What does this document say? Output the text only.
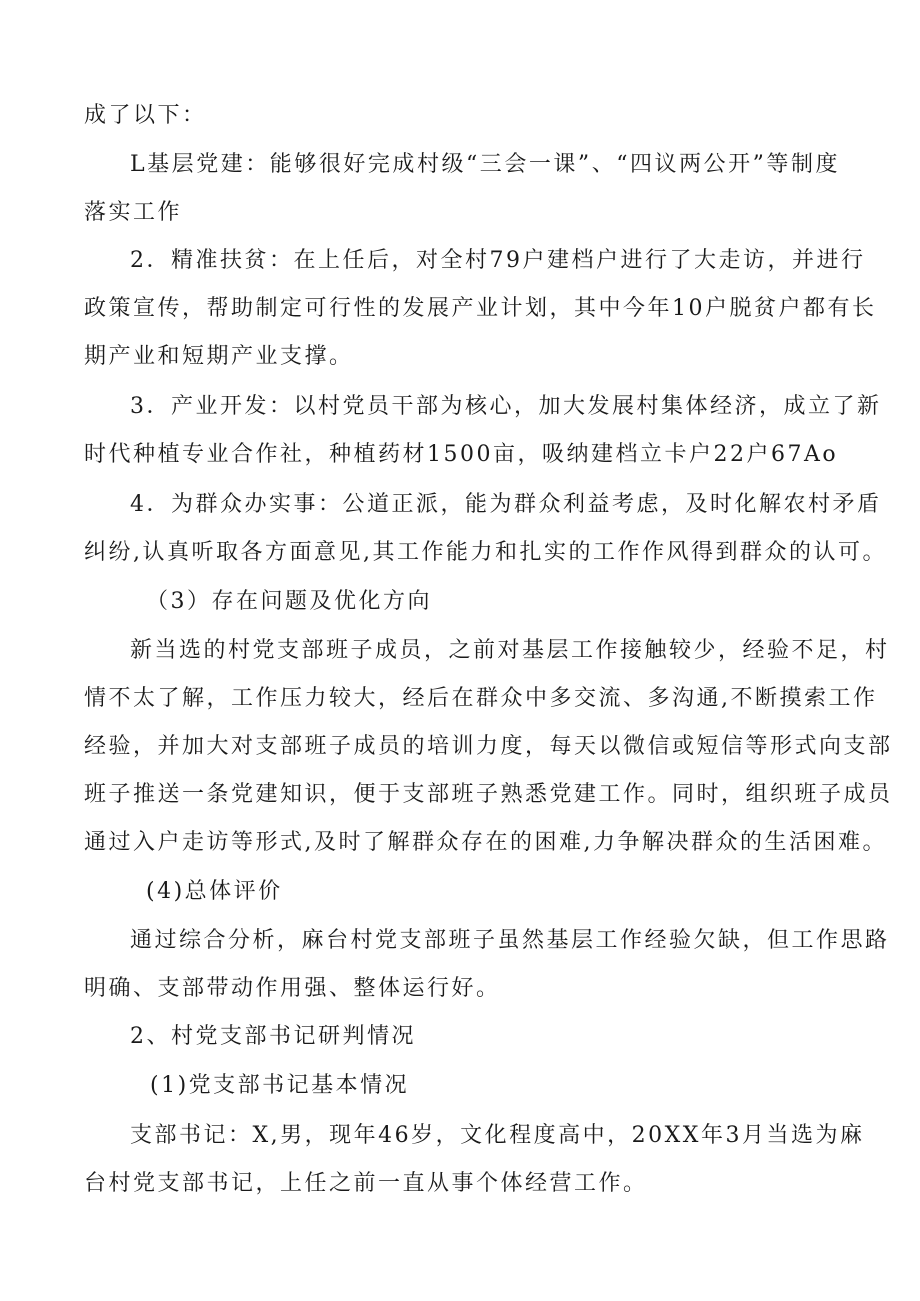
成了以下：
L基层党建：能够很好完成村级“三会一课”、“四议两公开”等制度
落实工作
2．精准扶贫：在上任后，对全村79户建档户进行了大走访，并进行
政策宣传，帮助制定可行性的发展产业计划，其中今年10户脱贫户都有长
期产业和短期产业支撑。
3．产业开发：以村党员干部为核心，加大发展村集体经济，成立了新
时代种植专业合作社，种植药材1500亩，吸纳建档立卡户22户67Ao
4．为群众办实事：公道正派，能为群众利益考虑，及时化解农村矛盾
纠纷,认真听取各方面意见,其工作能力和扎实的工作作风得到群众的认可。
（3）存在问题及优化方向
新当选的村党支部班子成员，之前对基层工作接触较少，经验不足，村
情不太了解，工作压力较大，经后在群众中多交流、多沟通,不断摸索工作
经验，并加大对支部班子成员的培训力度，每天以微信或短信等形式向支部
班子推送一条党建知识，便于支部班子熟悉党建工作。同时，组织班子成员
通过入户走访等形式,及时了解群众存在的困难,力争解决群众的生活困难。
(4)总体评价
通过综合分析，麻台村党支部班子虽然基层工作经验欠缺，但工作思路
明确、支部带动作用强、整体运行好。
2、村党支部书记研判情况
(1)党支部书记基本情况
支部书记：X,男，现年46岁，文化程度高中，20XX年3月当选为麻
台村党支部书记，上任之前一直从事个体经营工作。
